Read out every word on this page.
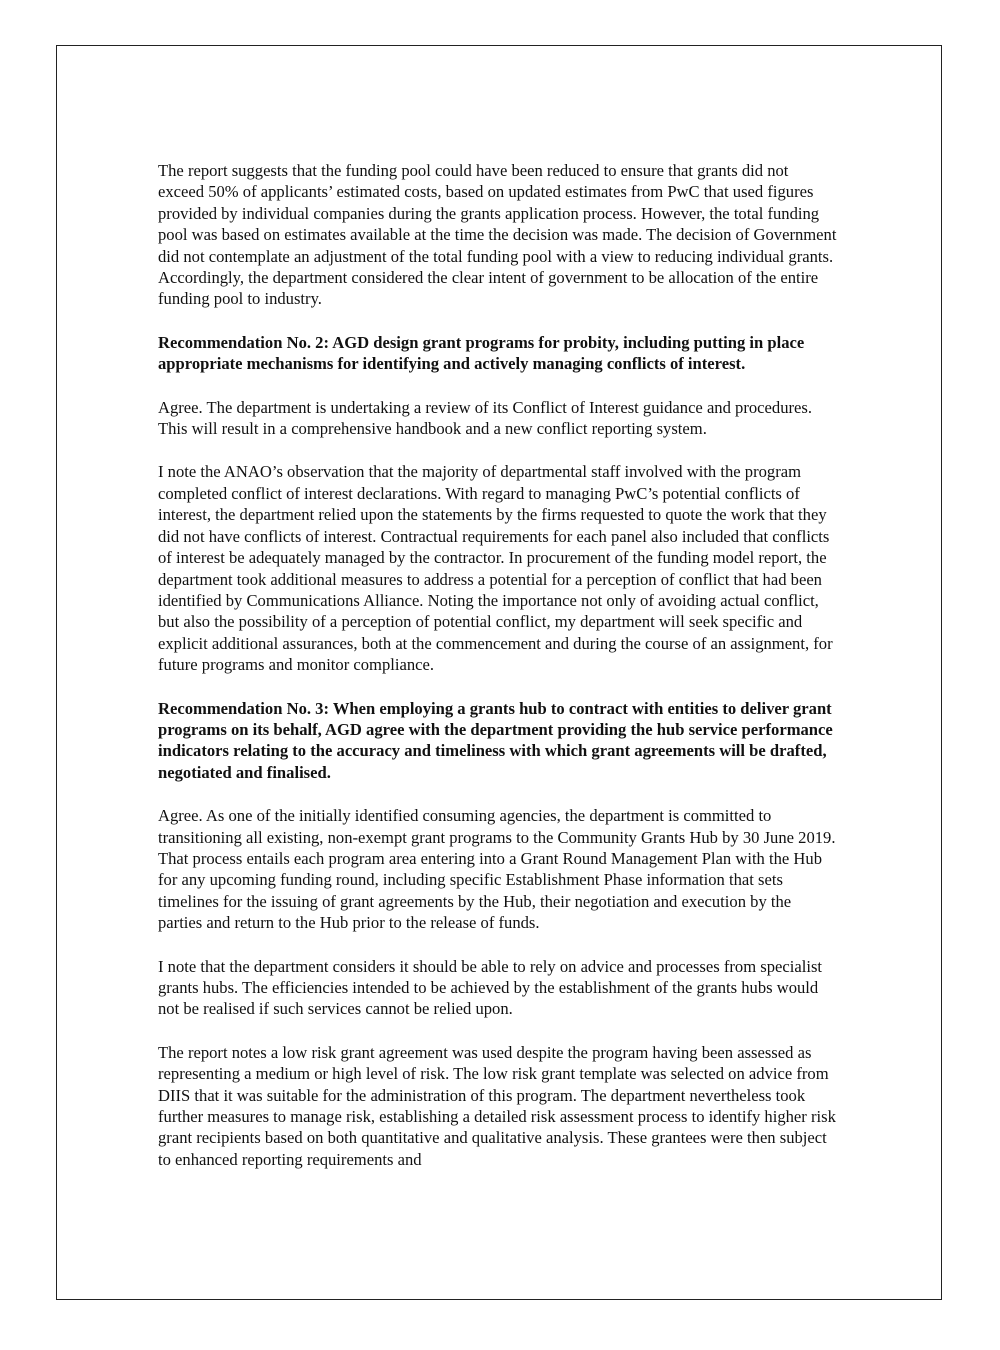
The report suggests that the funding pool could have been reduced to ensure that grants did not exceed 50% of applicants’ estimated costs, based on updated estimates from PwC that used figures provided by individual companies during the grants application process. However, the total funding pool was based on estimates available at the time the decision was made. The decision of Government did not contemplate an adjustment of the total funding pool with a view to reducing individual grants. Accordingly, the department considered the clear intent of government to be allocation of the entire funding pool to industry.

Recommendation No. 2: AGD design grant programs for probity, including putting in place appropriate mechanisms for identifying and actively managing conflicts of interest.

Agree. The department is undertaking a review of its Conflict of Interest guidance and procedures. This will result in a comprehensive handbook and a new conflict reporting system.

I note the ANAO’s observation that the majority of departmental staff involved with the program completed conflict of interest declarations. With regard to managing PwC’s potential conflicts of interest, the department relied upon the statements by the firms requested to quote the work that they did not have conflicts of interest. Contractual requirements for each panel also included that conflicts of interest be adequately managed by the contractor. In procurement of the funding model report, the department took additional measures to address a potential for a perception of conflict that had been identified by Communications Alliance. Noting the importance not only of avoiding actual conflict, but also the possibility of a perception of potential conflict, my department will seek specific and explicit additional assurances, both at the commencement and during the course of an assignment, for future programs and monitor compliance.

Recommendation No. 3: When employing a grants hub to contract with entities to deliver grant programs on its behalf, AGD agree with the department providing the hub service performance indicators relating to the accuracy and timeliness with which grant agreements will be drafted, negotiated and finalised.

Agree. As one of the initially identified consuming agencies, the department is committed to transitioning all existing, non-exempt grant programs to the Community Grants Hub by 30 June 2019. That process entails each program area entering into a Grant Round Management Plan with the Hub for any upcoming funding round, including specific Establishment Phase information that sets timelines for the issuing of grant agreements by the Hub, their negotiation and execution by the parties and return to the Hub prior to the release of funds.

I note that the department considers it should be able to rely on advice and processes from specialist grants hubs. The efficiencies intended to be achieved by the establishment of the grants hubs would not be realised if such services cannot be relied upon.

The report notes a low risk grant agreement was used despite the program having been assessed as representing a medium or high level of risk. The low risk grant template was selected on advice from DIIS that it was suitable for the administration of this program. The department nevertheless took further measures to manage risk, establishing a detailed risk assessment process to identify higher risk grant recipients based on both quantitative and qualitative analysis. These grantees were then subject to enhanced reporting requirements and
